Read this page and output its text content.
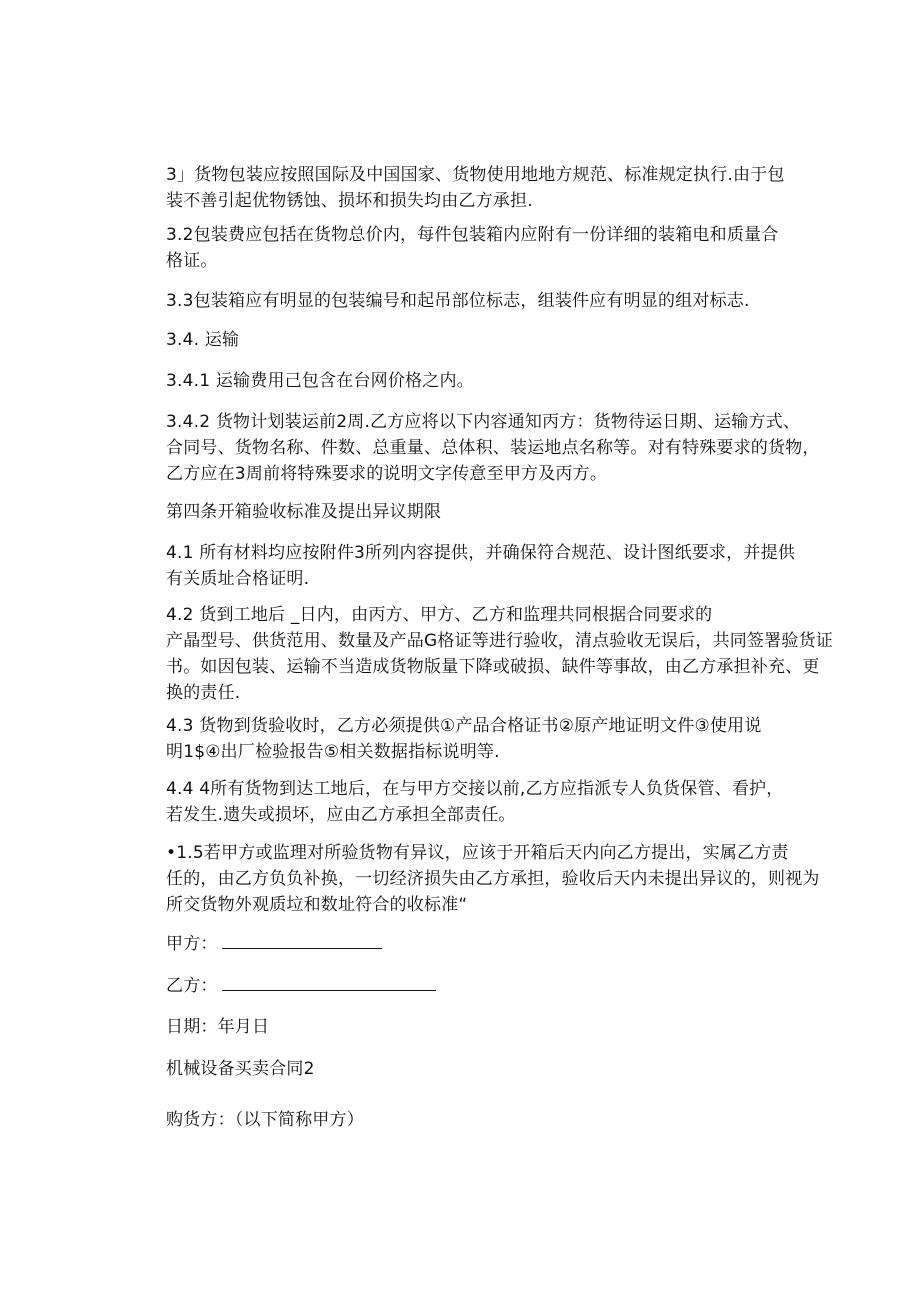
3」货物包装应按照国际及中国国家、货物使用地地方规范、标准规定执行.由于包
装不善引起优物锈蚀、损坏和损失均由乙方承担.
3.2包装费应包括在货物总价内，每件包装箱内应附有一份详细的装箱电和质量合
格证。
3.3包装箱应有明显的包装编号和起吊部位标志，组装件应有明显的组对标志.
3.4. 运输
3.4.1 运输费用己包含在台网价格之内。
3.4.2 货物计划装运前2周.乙方应将以下内容通知丙方：货物待运日期、运输方式、
合同号、货物名称、件数、总重量、总体积、装运地点名称等。对有特殊要求的货物，
乙方应在3周前将特殊要求的说明文字传意至甲方及丙方。
第四条开箱验收标准及提出异议期限
4.1 所有材料均应按附件3所列内容提供，并确保符合规范、设计图纸要求，并提供
有关质址合格证明.
4.2 货到工地后 _日内，由丙方、甲方、乙方和监理共同根据合同要求的
产晶型号、供货范用、数量及产品G格证等进行验收，清点验收无误后，共同签署验货证
书。如因包装、运输不当造成货物版量下降或破损、缺件等事故，由乙方承担补充、更
换的责任.
4.3 货物到货验收时，乙方必须提供①产品合格证书②原产地证明文件③使用说
明1$④出厂检验报告⑤相关数据指标说明等.
4.4 4所有货物到达工地后，在与甲方交接以前,乙方应指派专人负货保管、看护，
若发生.遗失或损坏，应由乙方承担全部责任。
•1.5若甲方或监理对所验货物有异议，应该于开箱后天内向乙方提出，实属乙方责
任的，由乙方负负补换，一切经济损失由乙方承担，验收后天内未提出异议的，则视为
所交货物外观质垃和数址符合的收标准“
甲方：
乙方：
日期：年月日
机械设备买卖合同2
购货方：（以下简称甲方）
